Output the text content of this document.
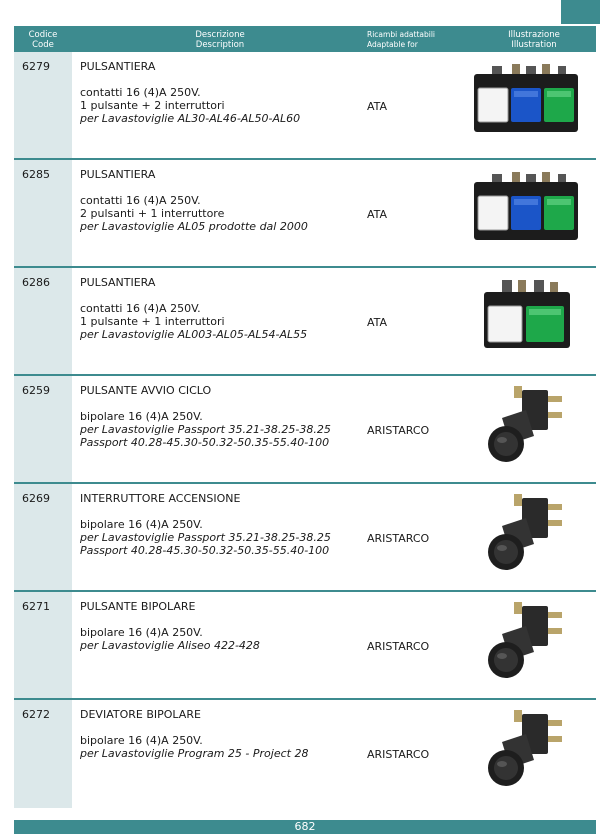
Codice
Code
Descrizione
Description
Ricambi adattabili
Adaptable for
Illustrazione
Illustration
6279	PULSANTIERA
contatti 16 (4)A 250V.
1 pulsante + 2 interruttori
per Lavastoviglie AL30-AL46-AL50-AL60
ATA
6285	PULSANTIERA
contatti 16 (4)A 250V.
2 pulsanti + 1 interruttore
per Lavastoviglie AL05 prodotte dal 2000
ATA
6286	PULSANTIERA
contatti 16 (4)A 250V.
1 pulsante + 1 interruttori
per Lavastoviglie AL003-AL05-AL54-AL55
ATA
6259	PULSANTE AVVIO CICLO
bipolare 16 (4)A 250V.
per Lavastoviglie Passport 35.21-38.25-38.25
Passport 40.28-45.30-50.32-50.35-55.40-100
ARISTARCO
6269	INTERRUTTORE ACCENSIONE
bipolare 16 (4)A 250V.
per Lavastoviglie Passport 35.21-38.25-38.25
Passport 40.28-45.30-50.32-50.35-55.40-100
ARISTARCO
6271	PULSANTE BIPOLARE
bipolare 16 (4)A 250V.
per Lavastoviglie Aliseo 422-428	ARISTARCO
6272	DEVIATORE BIPOLARE
bipolare 16 (4)A 250V.
per Lavastoviglie Program 25 - Project 28	ARISTARCO
682
